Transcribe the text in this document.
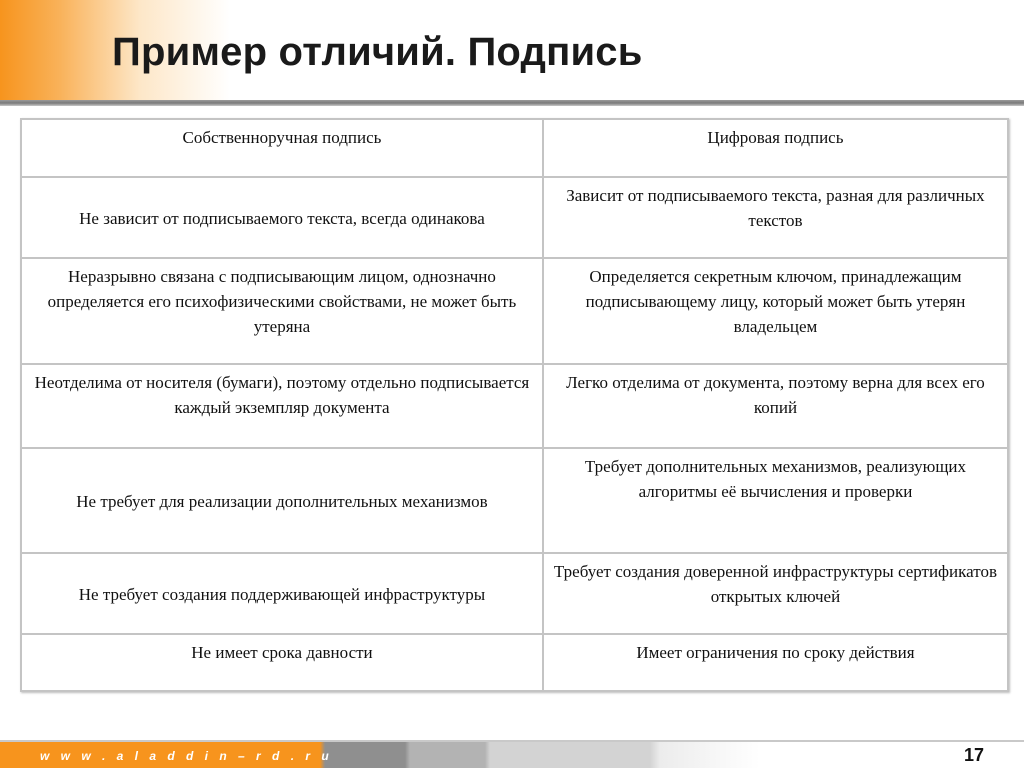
Пример отличий. Подпись
Собственноручная подпись	Цифровая подпись
Не зависит от подписываемого текста, всегда одинакова	Зависит от подписываемого текста, разная для различных текстов
Неразрывно связана с подписывающим лицом, однозначно определяется его психофизическими свойствами, не может быть утеряна	Определяется секретным ключом, принадлежащим подписывающему лицу, который может быть утерян владельцем
Неотделима от носителя (бумаги), поэтому отдельно подписывается каждый экземпляр документа	Легко отделима от документа, поэтому верна для всех его копий
Не требует для реализации дополнительных механизмов	Требует дополнительных механизмов, реализующих алгоритмы её вычисления и проверки
Не требует создания поддерживающей инфраструктуры	Требует создания доверенной инфраструктуры сертификатов открытых ключей
Не имеет срока давности	Имеет ограничения по сроку действия
w w w . a l a d d i n – r d . r u	17
